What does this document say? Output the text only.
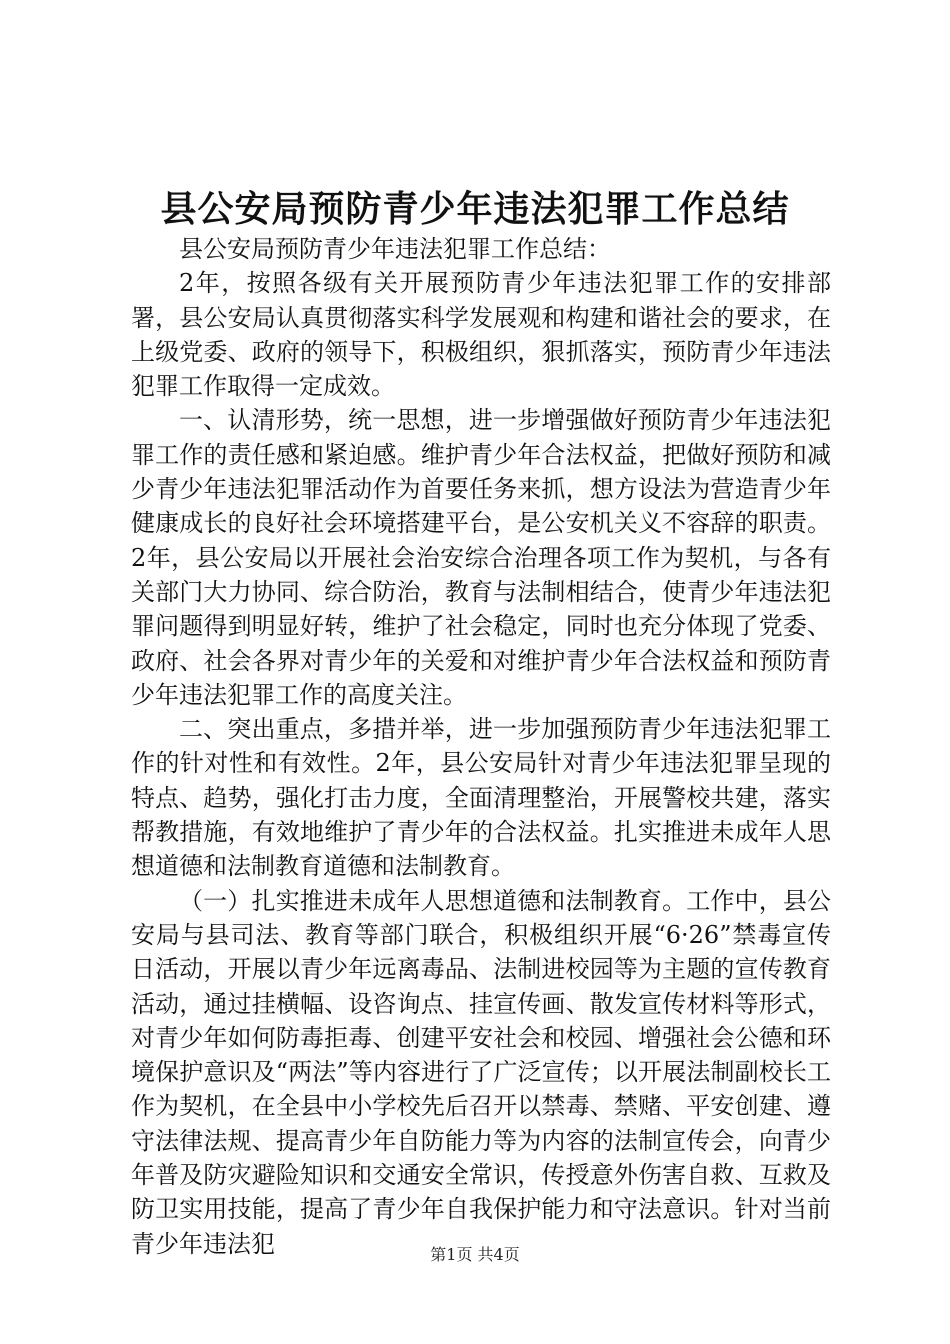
县公安局预防青少年违法犯罪工作总结

县公安局预防青少年违法犯罪工作总结：

2年，按照各级有关开展预防青少年违法犯罪工作的安排部署，县公安局认真贯彻落实科学发展观和构建和谐社会的要求，在上级党委、政府的领导下，积极组织，狠抓落实，预防青少年违法犯罪工作取得一定成效。

一、认清形势，统一思想，进一步增强做好预防青少年违法犯罪工作的责任感和紧迫感。维护青少年合法权益，把做好预防和减少青少年违法犯罪活动作为首要任务来抓，想方设法为营造青少年健康成长的良好社会环境搭建平台，是公安机关义不容辞的职责。2年，县公安局以开展社会治安综合治理各项工作为契机，与各有关部门大力协同、综合防治，教育与法制相结合，使青少年违法犯罪问题得到明显好转，维护了社会稳定，同时也充分体现了党委、政府、社会各界对青少年的关爱和对维护青少年合法权益和预防青少年违法犯罪工作的高度关注。

二、突出重点，多措并举，进一步加强预防青少年违法犯罪工作的针对性和有效性。2年，县公安局针对青少年违法犯罪呈现的特点、趋势，强化打击力度，全面清理整治，开展警校共建，落实帮教措施，有效地维护了青少年的合法权益。扎实推进未成年人思想道德和法制教育道德和法制教育。

（一）扎实推进未成年人思想道德和法制教育。工作中，县公安局与县司法、教育等部门联合，积极组织开展“6·26”禁毒宣传日活动，开展以青少年远离毒品、法制进校园等为主题的宣传教育活动，通过挂横幅、设咨询点、挂宣传画、散发宣传材料等形式，对青少年如何防毒拒毒、创建平安社会和校园、增强社会公德和环境保护意识及“两法”等内容进行了广泛宣传；以开展法制副校长工作为契机，在全县中小学校先后召开以禁毒、禁赌、平安创建、遵守法律法规、提高青少年自防能力等为内容的法制宣传会，向青少年普及防灾避险知识和交通安全常识，传授意外伤害自救、互救及防卫实用技能，提高了青少年自我保护能力和守法意识。针对当前青少年违法犯	第1页 共4页
